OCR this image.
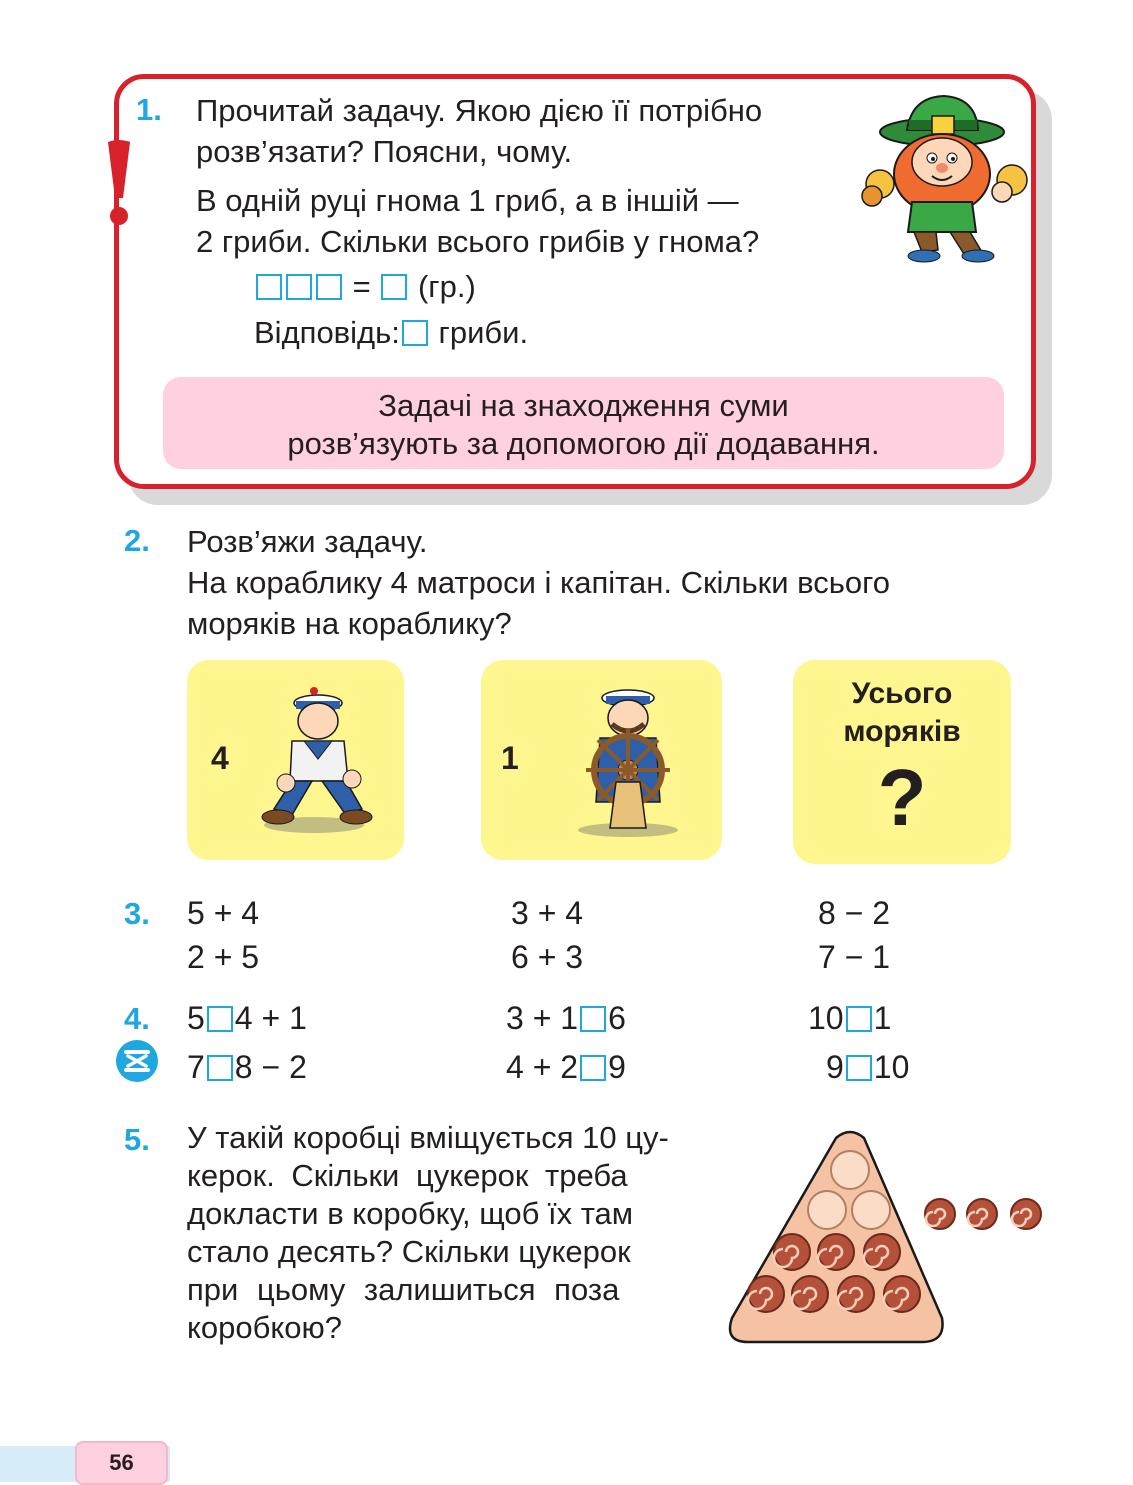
1. Прочитай задачу. Якою дією її потрібно
розв’язати? Поясни, чому.
В одній руці гнома 1 гриб, а в іншій —
2 гриби. Скільки всього грибів у гнома?
= (гр.)
Відповідь: гриби.
Задачі на знаходження суми
розв’язують за допомогою дії додавання.
2. Розв’яжи задачу.
На кораблику 4 матроси і капітан. Скільки всього
моряків на кораблику?
4	1
Усього
моряків
?
3. 5 + 4
2 + 5
3 + 4
6 + 3
8 − 2
7 − 1
4. 5 4 + 1
7 8 − 2
3 + 1 6
4 + 2 9
10 1
9 10
5. У такій коробці вміщується 10 цу-
керок. Скільки цукерок треба
докласти в коробку, щоб їх там
стало десять? Скільки цукерок
при цьому залишиться поза
коробкою?
56
